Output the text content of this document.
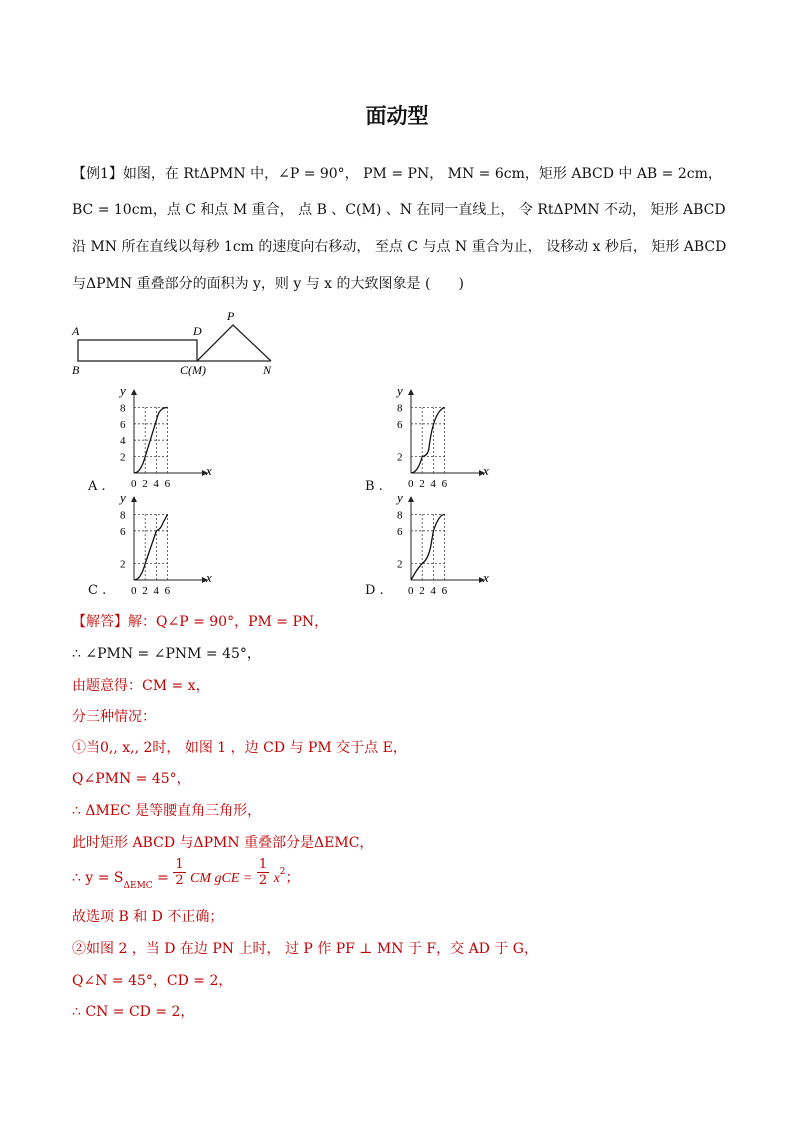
面动型
【例1】如图，在 RtΔPMN 中，∠P = 90°， PM = PN， MN = 6cm，矩形 ABCD 中 AB = 2cm，
BC = 10cm，点 C 和点 M 重合， 点 B 、C(M) 、N 在同一直线上， 令 RtΔPMN 不动， 矩形 ABCD
沿 MN 所在直线以每秒 1cm 的速度向右移动， 至点 C 与点 N 重合为止， 设移动 x 秒后， 矩形 ABCD
与ΔPMN 重叠部分的面积为 y，则 y 与 x 的大致图象是 (　　)
A
B
D
C(M)
P
N
A .	B .
C .	D .
x
y
8
6
4
2
0 2 4 6
x
y
8
6
2
0 2 4 6
x
y
8
6
2
0 2 4 6
x
y
8
6
2
0 2 4 6
【解答】解：Q∠P = 90°，PM = PN，
∴ ∠PMN = ∠PNM = 45°，
由题意得：CM = x，
分三种情况：
①当0,, x,, 2时， 如图 1 ，边 CD 与 PM 交于点 E，
Q∠PMN = 45°，
∴ ΔMEC 是等腰直角三角形，
此时矩形 ABCD 与ΔPMN 重叠部分是ΔEMC，
∴ $y = S_{\Delta EMC} = \frac{1}{2}$ CM gCE = $\frac{1}{2} x2$；
故选项 B 和 D 不正确；
②如图 2 ，当 D 在边 PN 上时， 过 P 作 PF ⊥ MN 于 F，交 AD 于 G，
Q∠N = 45°，CD = 2，
∴ CN = CD = 2，
